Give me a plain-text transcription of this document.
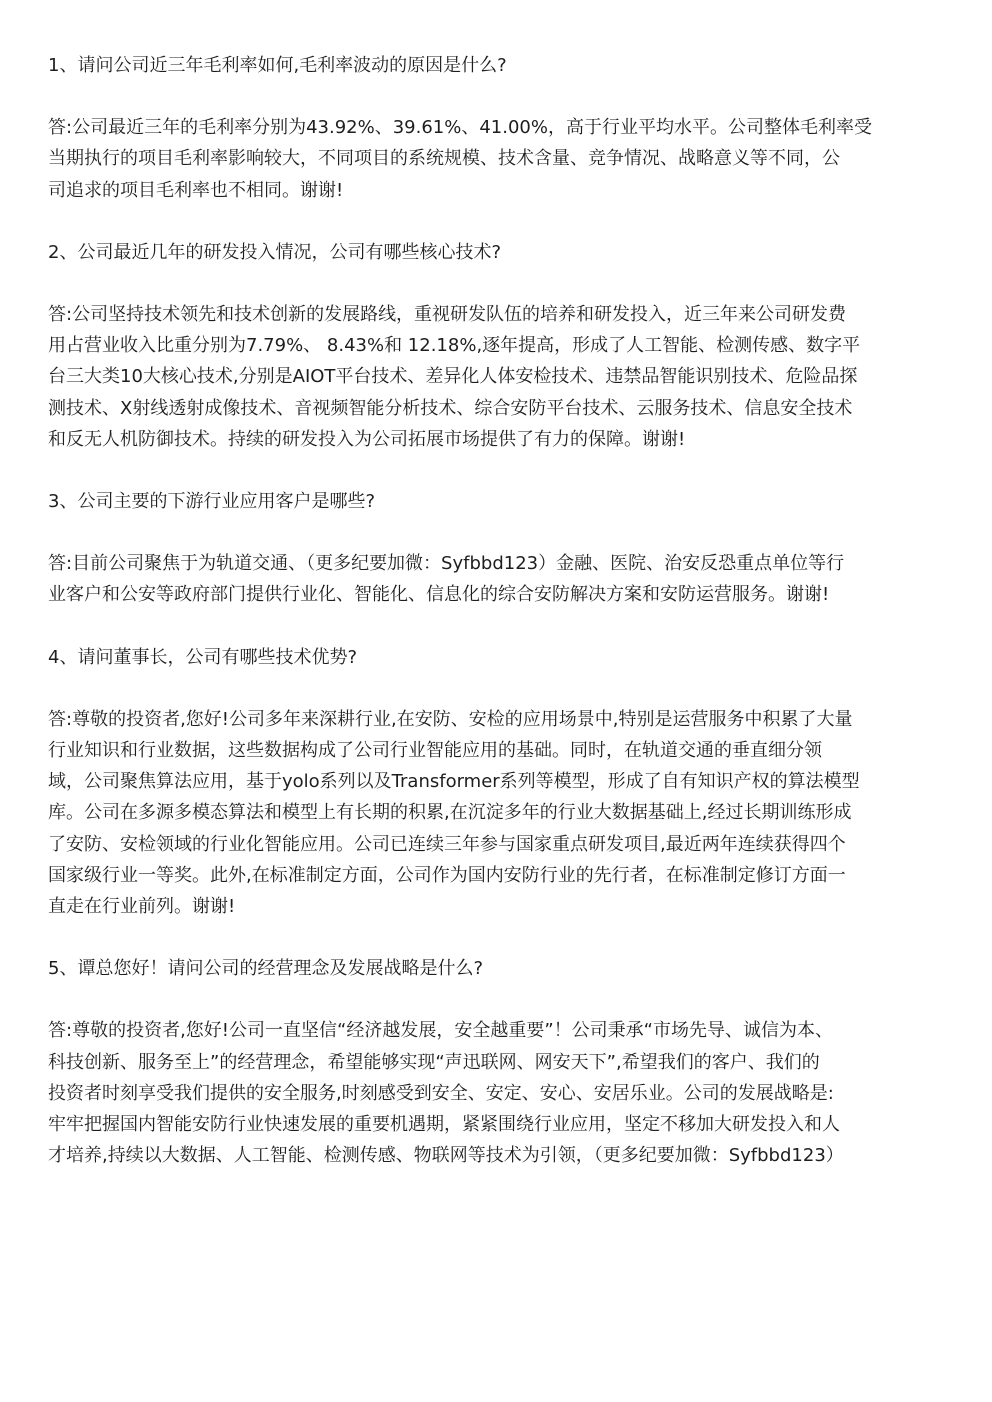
1、请问公司近三年毛利率如何,毛利率波动的原因是什么?

答:公司最近三年的毛利率分别为43.92%、39.61%、41.00%，高于行业平均水平。公司整体毛利率受
当期执行的项目毛利率影响较大，不同项目的系统规模、技术含量、竞争情况、战略意义等不同，公
司追求的项目毛利率也不相同。谢谢!

2、公司最近几年的研发投入情况，公司有哪些核心技术?

答:公司坚持技术领先和技术创新的发展路线，重视研发队伍的培养和研发投入，近三年来公司研发费
用占营业收入比重分别为7.79%、 8.43%和 12.18%,逐年提高，形成了人工智能、检测传感、数字平
台三大类10大核心技术,分别是AIOT平台技术、差异化人体安检技术、违禁品智能识别技术、危险品探
测技术、X射线透射成像技术、音视频智能分析技术、综合安防平台技术、云服务技术、信息安全技术
和反无人机防御技术。持续的研发投入为公司拓展市场提供了有力的保障。谢谢!

3、公司主要的下游行业应用客户是哪些?

答:目前公司聚焦于为轨道交通、（更多纪要加微：Syfbbd123）金融、医院、治安反恐重点单位等行
业客户和公安等政府部门提供行业化、智能化、信息化的综合安防解决方案和安防运营服务。谢谢!

4、请问董事长，公司有哪些技术优势?

答:尊敬的投资者,您好!公司多年来深耕行业,在安防、安检的应用场景中,特别是运营服务中积累了大量
行业知识和行业数据，这些数据构成了公司行业智能应用的基础。同时，在轨道交通的垂直细分领
域，公司聚焦算法应用，基于yolo系列以及Transformer系列等模型，形成了自有知识产权的算法模型
库。公司在多源多模态算法和模型上有长期的积累,在沉淀多年的行业大数据基础上,经过长期训练形成
了安防、安检领域的行业化智能应用。公司已连续三年参与国家重点研发项目,最近两年连续获得四个
国家级行业一等奖。此外,在标准制定方面，公司作为国内安防行业的先行者，在标准制定修订方面一
直走在行业前列。谢谢!

5、谭总您好！请问公司的经营理念及发展战略是什么?

答:尊敬的投资者,您好!公司一直坚信“经济越发展，安全越重要”！公司秉承“市场先导、诚信为本、
科技创新、服务至上”的经营理念，希望能够实现“声迅联网、网安天下”,希望我们的客户、我们的
投资者时刻享受我们提供的安全服务,时刻感受到安全、安定、安心、安居乐业。公司的发展战略是:
牢牢把握国内智能安防行业快速发展的重要机遇期，紧紧围绕行业应用，坚定不移加大研发投入和人
才培养,持续以大数据、人工智能、检测传感、物联网等技术为引领，（更多纪要加微：Syfbbd123）
